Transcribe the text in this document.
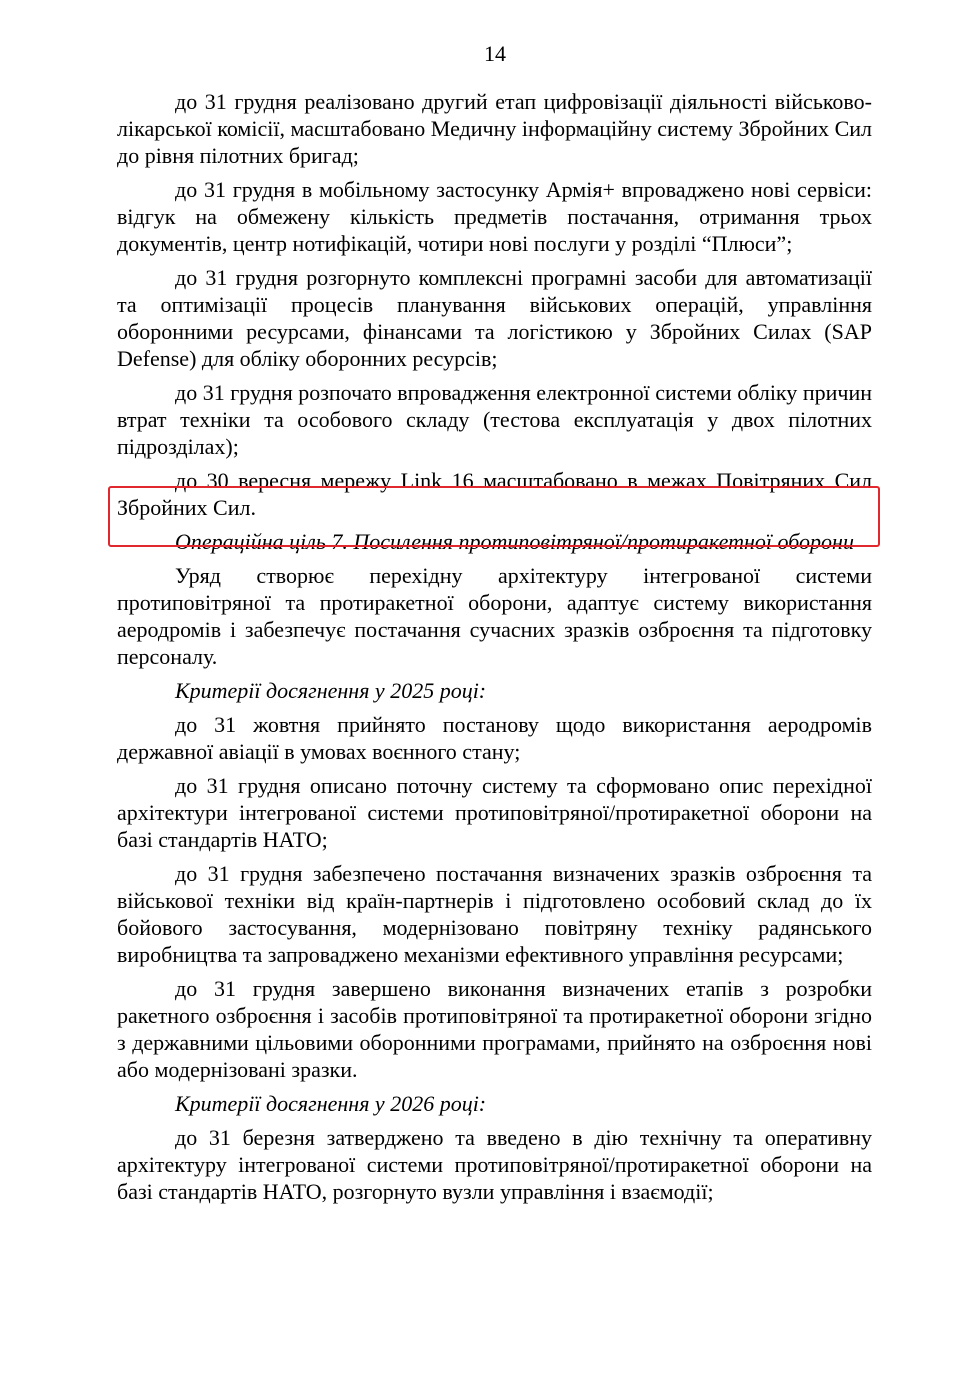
14

до 31 грудня реалізовано другий етап цифровізації діяльності військово-лікарської комісії, масштабовано Медичну інформаційну систему Збройних Сил до рівня пілотних бригад;

до 31 грудня в мобільному застосунку Армія+ впроваджено нові сервіси: відгук на обмежену кількість предметів постачання, отримання трьох документів, центр нотифікацій, чотири нові послуги у розділі “Плюси”;

до 31 грудня розгорнуто комплексні програмні засоби для автоматизації та оптимізації процесів планування військових операцій, управління оборонними ресурсами, фінансами та логістикою у Збройних Силах (SAP Defense) для обліку оборонних ресурсів;

до 31 грудня розпочато впровадження електронної системи обліку причин втрат техніки та особового складу (тестова експлуатація у двох пілотних підрозділах);

до 30 вересня мережу Link 16 масштабовано в межах Повітряних Сил Збройних Сил.

Операційна ціль 7. Посилення протиповітряної/протиракетної оборони

Уряд створює перехідну архітектуру інтегрованої системи протиповітряної та протиракетної оборони, адаптує систему використання аеродромів і забезпечує постачання сучасних зразків озброєння та підготовку персоналу.

Критерії досягнення у 2025 році:

до 31 жовтня прийнято постанову щодо використання аеродромів державної авіації в умовах воєнного стану;

до 31 грудня описано поточну систему та сформовано опис перехідної архітектури інтегрованої системи протиповітряної/протиракетної оборони на базі стандартів НАТО;

до 31 грудня забезпечено постачання визначених зразків озброєння та військової техніки від країн-партнерів і підготовлено особовий склад до їх бойового застосування, модернізовано повітряну техніку радянського виробництва та запроваджено механізми ефективного управління ресурсами;

до 31 грудня завершено виконання визначених етапів з розробки ракетного озброєння і засобів протиповітряної та протиракетної оборони згідно з державними цільовими оборонними програмами, прийнято на озброєння нові або модернізовані зразки.

Критерії досягнення у 2026 році:

до 31 березня затверджено та введено в дію технічну та оперативну архітектуру інтегрованої системи протиповітряної/протиракетної оборони на базі стандартів НАТО, розгорнуто вузли управління і взаємодії;
